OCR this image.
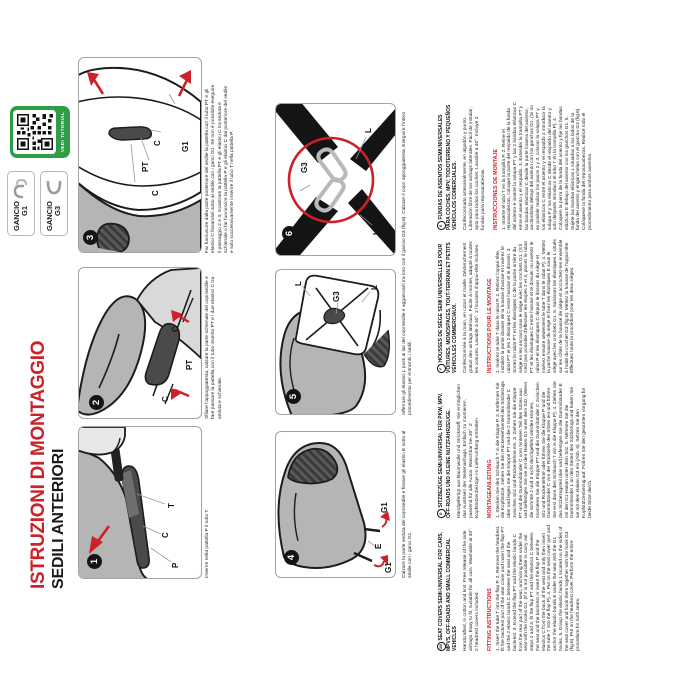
ISTRUZIONI DI MONTAGGIO SEDILI ANTERIORI
GANCIO G1 GANCIO G3
VEDI TUTORIAL
1
P
C
T
2
C
PT
C
3
C
PT
C G1
Inserire nella pattella P il tubo T.
Sfilare l'appoggiatesta, calzare la parte schienale del coprisedile e fare passare la pattella con il tubo inserito PT e i due elastici C tra seduta e schienale.
Far fuoriuscire dalla parte posteriore del sedile la pattella con il tubo PT e gli elastici C fissandoli sotto al sedile con i ganci G1. Se non è possibile eseguire il passaggio 2 e 3, incastrare la pattella PT e gli elastici C tra seduta e schienale o far fuoriuscire la pattella P e gli elastici C dal posteriore del sedile e solo successivamente inserire il tubo T nella pattella P.
4
E
G1
G1
5
L
G3
L
6
G3
L
L
Calzare la parte seduta del coprisedile e fissare gli elastici E sotto al sedile con i ganci G1.
Afferrare gli elastici L posti ai lati del coprisedile e agganciarli tra loro con il gancio G3 (fig.6). Calzare il copri appoggiatesta. Eseguire l'intero procedimento per entrambi i sedili.
GBSEAT COVERS SEMI-UNIVERSAL FOR CARS, MPVS, OFF-ROADS AND SMALL COMMERCIAL VEHICLES Handcrafted, in cotton and knit. Free release of the side airbags. Easy to fit, suitable for all cars. Washable at 30°. 2 headrest covers included. FITTING INSTRUCTIONS 1. Insert the tube T into the flap P. 2. Remove the headrest, fit the backrest part of the seat cover and insert the flap PT and the 2 elastic bands C between the seat and the backrest. 3. Extend the flap PT and the elastic bands C from the rear part of the seat, anchoring them under the seat with the hooks G1. (If it is not possible to carry out steps 2 and 3, fit the flap PT and the elastics C between the seat and the backrest or insert the flap P and the elastics C from the back of the seat and only then insert the tube T into the flap P). 4. Put on the seat cover part and anchor the elastic bands E under the seat with the G1 hooks. 5. Grasp the elastic bands L located on the sides of the seat cover and hook them together with the hook G3 (fig.6). Put on the headrest cover. Perform the entire procedure for both seats.
DSITZBEZÜGE SEMI-UNIVERSAL FÜR PKW, MPV, OFF-ROADS UND KLEINE NUTZFAHRZEUGE. Handgefertigt aus Baumwolle und Strickstoff. Sie ermöglichen das Auslösen der Seitenairbags. Einfach zu montieren, passend für alle Autos. Waschbar bei 30°. 2 Kopfstützenbezüge im Lieferumfang enthalten. MONTAGEANLEITUNG 1. Stecken Sie den Schlauch T in die Klappe P. 2. Entfernen Sie die Kopfstütze, ziehen Sie den Rückenlehnenteil des Sitzbezugs über und legen Sie die Klappe PT und die 2 Gummibänder C zwischen Sitz und Rückenlehne ein. 3. Ziehen Sie die Klappe PT und die Gummibänder C vom hinteren Teil des Sitzes aus und befestigen Sie sie mit den Haken G1 unter dem Sitz. (Wenn die Schritte 2 und 3 nicht durchgeführt werden können, montieren Sie die Klappe PT und die Gummibänder C zwischen Sitz und Rückenlehne oder führen Sie die Klappe P und die Gummibänder C von der Rückseite des Sitzes ein und führen Sie erst dann den Schlauch T ein in die Klappe P). 4. Ziehen Sie das Sitzbezugsteil über und befestigen Sie die Gummibänder E mit den G1-Haken unter dem Sitz. 5. Nehmen Sie die Gummibänder L an den Seiten des Sitzbezugs und haken Sie sie mit dem Haken G3 ein (Abb. 6). Setzen Sie den Kopfstützenbezug auf. Führen Sie den gesamten Vorgang für beide Sitze durch.
FHOUSSES DE SIÈGE SEMI UNIVERSELLES POUR VOITURES, MONOSPACES, TOUT-TERRAIN ET PETITS VÉHICULES COMMERCIAUX. Confectionnée à la main, en coton et maille. Déclenchement gratuit des airbags latéraux. Facile à monter, adapté à toutes les voitures. Lavable à 30°. 2 housses d'appui-tête incluses. INSTRUCTIONS POUR LE MONTAGE 1. Insérez le tube T dans le rabat P. 2. Retirez l'appui-tête, installez la partie dossier de la housse d'assise et insérez le rabat PT et les 2 élastiques C entre l'assise et le dossier. 3. Sortez le rabat PT et les élastiques C de la partie arrière du siège en les ancrant sous le siège avec les crochets G1. (S'il n'est pas possible d'effectuer les étapes 2 et 3, placez le rabat PT et les élastiques C entre l'assise et le dossier ou insérez le rabat P et les élastiques C depuis le dossier du siège et insérez ensuite seulement le tube T dans le rabat P). 4. Mettez la partie housse du siège et fixez les élastiques E sous le siège avec les crochets G1. 5. Saisissez les élastiques L situés sur les côtés de la housse de siège et accrochez-les ensemble à l'aide du crochet G3 (fig.6). Mettez la housse de l'appui-tête. Effectuez toute la procédure pour les deux sièges.
EFUNDAS DE ASIENTOS SEMIUNIVERSALES PARA COCHES, MPV, TODOTERRENO Y PEQUEÑOS VEHÍCULOS COMERCIALES. Confeccionado artesanalmente, en algodón y punto. Liberación libre de los airbags laterales. Fácil de instalar, apto para todos los coches. Lavable a 30°. Incluye 2 fundas para reposacabezas. INSTRUCCIONES DE MONTAJE 1. Inserte el tubo T en la trampilla P. 2. Retire el reposacabezas, coloque la parte del respaldo de la funda del asiento e inserte la solapa PT y las 2 bandas elásticas C entre el asiento y el respaldo. 3. Extender la trampilla PT y las bandas elásticas C desde la parte trasera del asiento, anclándolas debajo del asiento con los ganchos G1. (Si no es posible realizar los pasos 2 y 3, colocar la solapa PT y los elásticos C entre el asiento y el respaldo o introducir la solapa P y los elásticos C desde el respaldo del asiento y solo después introducir el tubo T en la trampilla P). 4. Coloquen la pieza de la funda del asiento y fije las bandas elásticas E debajo del asiento con los ganchos G1. 5. Sujete las bandas elásticas L situadas a los lados de la funda del asiento y engánchelas con el gancho G3 (fig.6). Colóquese la funda del reposacabezas. Realice todo el procedimiento para ambos asientos.
